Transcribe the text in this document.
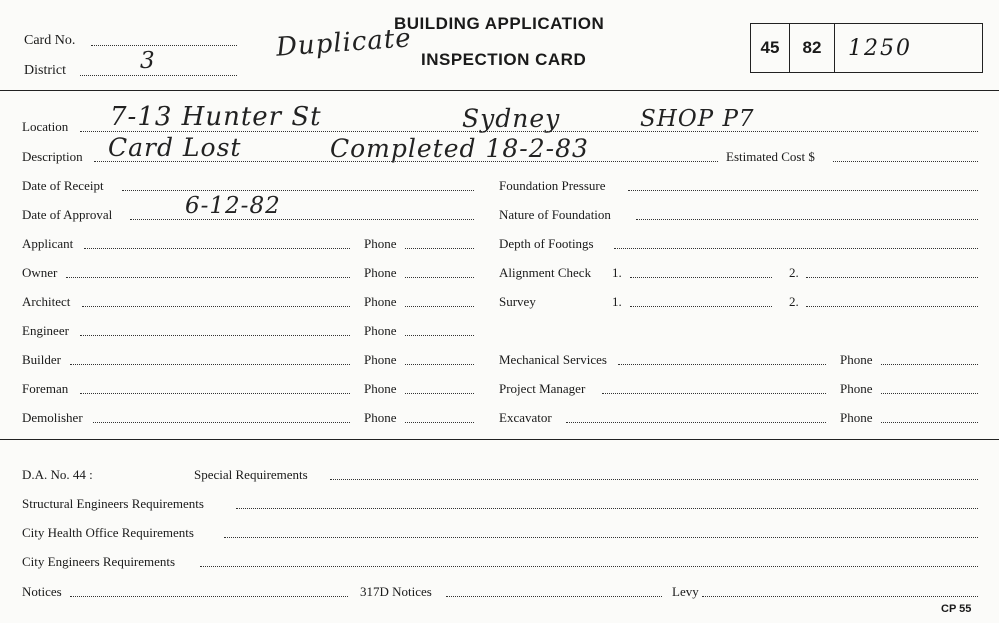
Card No.
District	3	Duplicate
BUILDING APPLICATION
INSPECTION CARD
45	82	1250
Location 7-13 Hunter St	Sydney	SHOP P7
Description Card Lost	Completed 18-2-83	Estimated Cost $
Date of Receipt
Date of Approval	6-12-82
Applicant	Phone
Owner	Phone
Architect	Phone
Engineer	Phone
Builder	Phone
Foreman	Phone
Demolisher	Phone
Foundation Pressure
Nature of Foundation
Depth of Footings
Alignment Check 1.	2.
Survey	1.	2.
Mechanical Services	Phone
Project Manager	Phone
Excavator	Phone
D.A. No. 44 :	Special Requirements
Structural Engineers Requirements
City Health Office Requirements
City Engineers Requirements
Notices	317D Notices	Levy
CP 55
